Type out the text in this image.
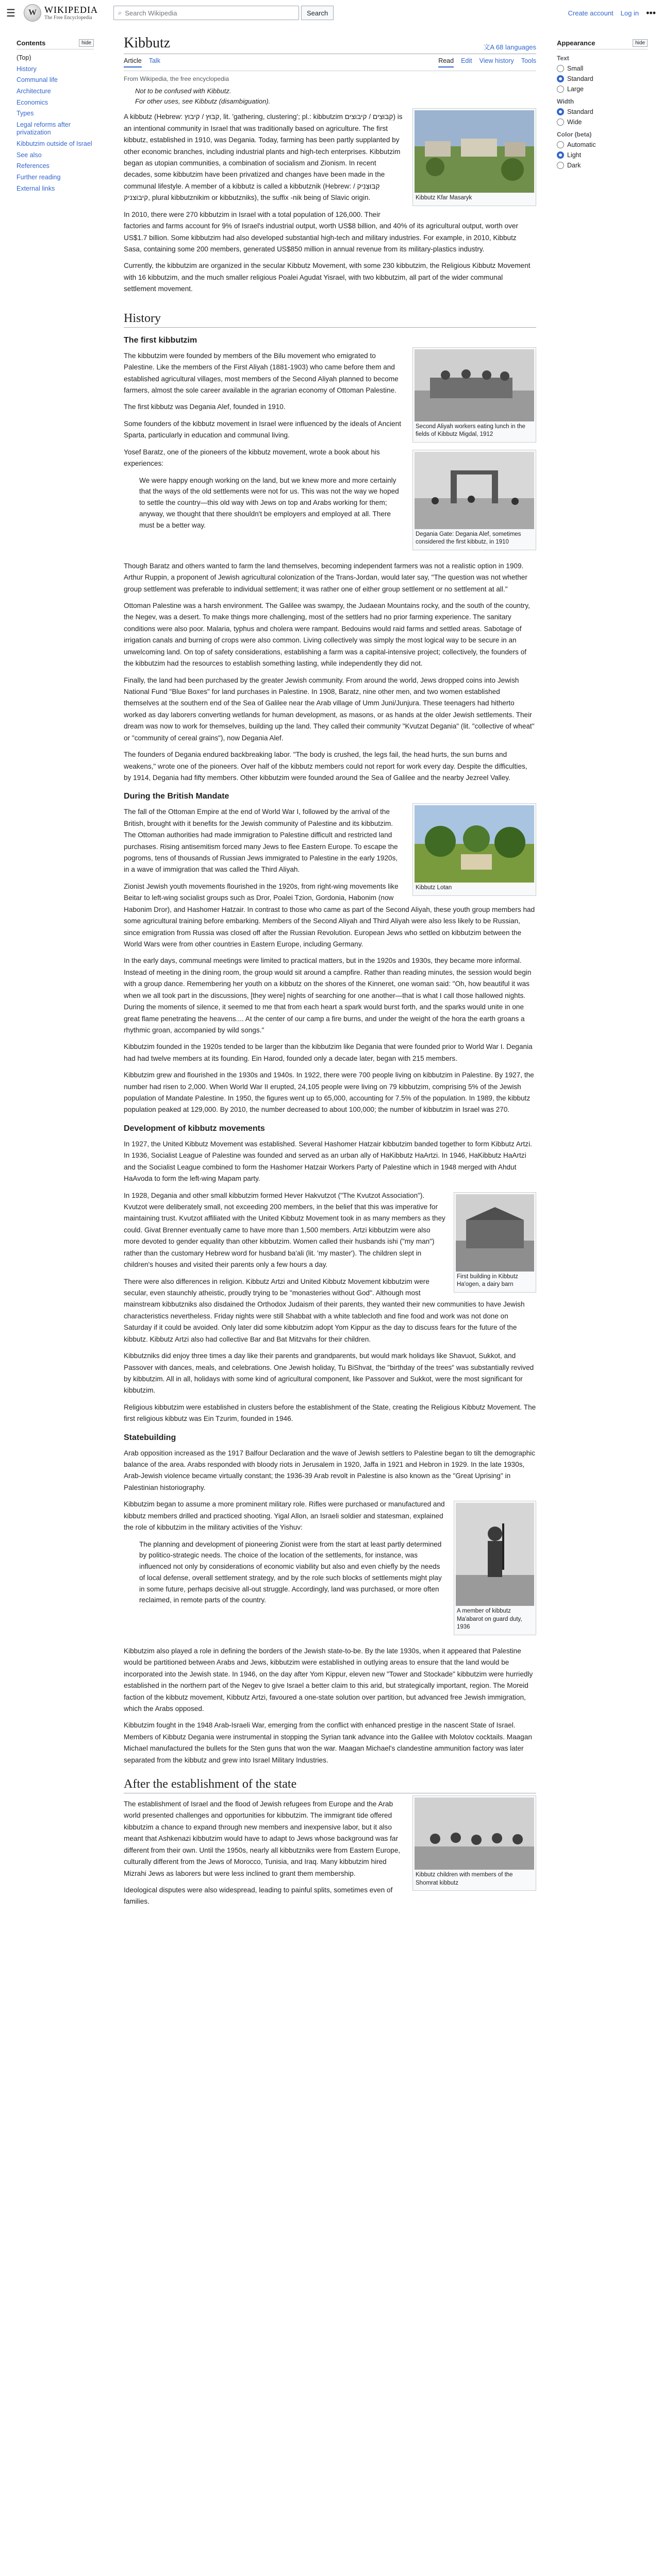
☰	W WIKIPEDIA
The Free Encyclopedia
⌕ Search Wikipedia	Search	Create account Log in •••
Contents	hide
(Top)
History
Communal life
Architecture
Economics
Types
Legal reforms after privatization
Kibbutzim outside of Israel
See also
References
Further reading
External links
Kibbutz	文A 68 languages
Article Talk	Read Edit View history Tools
From Wikipedia, the free encyclopedia
Not to be confused with Kibbutz.
For other uses, see Kibbutz (disambiguation).
Kibbutz Kfar Masaryk

A kibbutz (Hebrew: קִבּוּץ / קיבוץ, lit. 'gathering, clustering'; pl.: kibbutzim קִבּוּצִים / קיבוצים) is an intentional community in Israel that was traditionally based on agriculture. The first kibbutz, established in 1910, was Degania. Today, farming has been partly supplanted by other economic branches, including industrial plants and high-tech enterprises. Kibbutzim began as utopian communities, a combination of socialism and Zionism. In recent decades, some kibbutzim have been privatized and changes have been made in the communal lifestyle. A member of a kibbutz is called a kibbutznik (Hebrew: קִבּוּצְנִיק / קיבוצניק, plural kibbutznikim or kibbutzniks), the suffix -nik being of Slavic origin.

In 2010, there were 270 kibbutzim in Israel with a total population of 126,000. Their factories and farms account for 9% of Israel's industrial output, worth US$8 billion, and 40% of its agricultural output, worth over US$1.7 billion. Some kibbutzim had also developed substantial high-tech and military industries. For example, in 2010, Kibbutz Sasa, containing some 200 members, generated US$850 million in annual revenue from its military-plastics industry.

Currently, the kibbutzim are organized in the secular Kibbutz Movement, with some 230 kibbutzim, the Religious Kibbutz Movement with 16 kibbutzim, and the much smaller religious Poalei Agudat Yisrael, with two kibbutzim, all part of the wider communal settlement movement.

History
The first kibbutzim
Second Aliyah workers eating lunch in the fields of Kibbutz Migdal, 1912

The kibbutzim were founded by members of the Bilu movement who emigrated to Palestine. Like the members of the First Aliyah (1881-1903) who came before them and established agricultural villages, most members of the Second Aliyah planned to become farmers, almost the sole career available in the agrarian economy of Ottoman Palestine.

The first kibbutz was Degania Alef, founded in 1910.

Degania Gate: Degania Alef, sometimes considered the first kibbutz, in 1910

Some founders of the kibbutz movement in Israel were influenced by the ideals of Ancient Sparta, particularly in education and communal living.

Yosef Baratz, one of the pioneers of the kibbutz movement, wrote a book about his experiences:

We were happy enough working on the land, but we knew more and more certainly that the ways of the old settlements were not for us. This was not the way we hoped to settle the country—this old way with Jews on top and Arabs working for them; anyway, we thought that there shouldn't be employers and employed at all. There must be a better way.

Though Baratz and others wanted to farm the land themselves, becoming independent farmers was not a realistic option in 1909. Arthur Ruppin, a proponent of Jewish agricultural colonization of the Trans-Jordan, would later say, "The question was not whether group settlement was preferable to individual settlement; it was rather one of either group settlement or no settlement at all."

Ottoman Palestine was a harsh environment. The Galilee was swampy, the Judaean Mountains rocky, and the south of the country, the Negev, was a desert. To make things more challenging, most of the settlers had no prior farming experience. The sanitary conditions were also poor. Malaria, typhus and cholera were rampant. Bedouins would raid farms and settled areas. Sabotage of irrigation canals and burning of crops were also common. Living collectively was simply the most logical way to be secure in an unwelcoming land. On top of safety considerations, establishing a farm was a capital-intensive project; collectively, the founders of the kibbutzim had the resources to establish something lasting, while independently they did not.

Finally, the land had been purchased by the greater Jewish community. From around the world, Jews dropped coins into Jewish National Fund "Blue Boxes" for land purchases in Palestine. In 1908, Baratz, nine other men, and two women established themselves at the southern end of the Sea of Galilee near the Arab village of Umm Juni/Junjura. These teenagers had hitherto worked as day laborers converting wetlands for human development, as masons, or as hands at the older Jewish settlements. Their dream was now to work for themselves, building up the land. They called their community "Kvutzat Degania" (lit. "collective of wheat" or "community of cereal grains"), now Degania Alef.

The founders of Degania endured backbreaking labor. "The body is crushed, the legs fail, the head hurts, the sun burns and weakens," wrote one of the pioneers. Over half of the kibbutz members could not report for work every day. Despite the difficulties, by 1914, Degania had fifty members. Other kibbutzim were founded around the Sea of Galilee and the nearby Jezreel Valley.

During the British Mandate
Kibbutz Lotan

The fall of the Ottoman Empire at the end of World War I, followed by the arrival of the British, brought with it benefits for the Jewish community of Palestine and its kibbutzim. The Ottoman authorities had made immigration to Palestine difficult and restricted land purchases. Rising antisemitism forced many Jews to flee Eastern Europe. To escape the pogroms, tens of thousands of Russian Jews immigrated to Palestine in the early 1920s, in a wave of immigration that was called the Third Aliyah.

Zionist Jewish youth movements flourished in the 1920s, from right-wing movements like Beitar to left-wing socialist groups such as Dror, Poalei Tzion, Gordonia, Habonim (now Habonim Dror), and Hashomer Hatzair. In contrast to those who came as part of the Second Aliyah, these youth group members had some agricultural training before embarking. Members of the Second Aliyah and Third Aliyah were also less likely to be Russian, since emigration from Russia was closed off after the Russian Revolution. European Jews who settled on kibbutzim between the World Wars were from other countries in Eastern Europe, including Germany.

In the early days, communal meetings were limited to practical matters, but in the 1920s and 1930s, they became more informal. Instead of meeting in the dining room, the group would sit around a campfire. Rather than reading minutes, the session would begin with a group dance. Remembering her youth on a kibbutz on the shores of the Kinneret, one woman said: "Oh, how beautiful it was when we all took part in the discussions, [they were] nights of searching for one another—that is what I call those hallowed nights. During the moments of silence, it seemed to me that from each heart a spark would burst forth, and the sparks would unite in one great flame penetrating the heavens.... At the center of our camp a fire burns, and under the weight of the hora the earth groans a rhythmic groan, accompanied by wild songs."

Kibbutzim founded in the 1920s tended to be larger than the kibbutzim like Degania that were founded prior to World War I. Degania had had twelve members at its founding. Ein Harod, founded only a decade later, began with 215 members.

Kibbutzim grew and flourished in the 1930s and 1940s. In 1922, there were 700 people living on kibbutzim in Palestine. By 1927, the number had risen to 2,000. When World War II erupted, 24,105 people were living on 79 kibbutzim, comprising 5% of the Jewish population of Mandate Palestine. In 1950, the figures went up to 65,000, accounting for 7.5% of the population. In 1989, the kibbutz population peaked at 129,000. By 2010, the number decreased to about 100,000; the number of kibbutzim in Israel was 270.

Development of kibbutz movements

In 1927, the United Kibbutz Movement was established. Several Hashomer Hatzair kibbutzim banded together to form Kibbutz Artzi. In 1936, Socialist League of Palestine was founded and served as an urban ally of HaKibbutz HaArtzi. In 1946, HaKibbutz HaArtzi and the Socialist League combined to form the Hashomer Hatzair Workers Party of Palestine which in 1948 merged with Ahdut HaAvoda to form the left-wing Mapam party.

First building in Kibbutz Ha'ogen, a dairy barn

In 1928, Degania and other small kibbutzim formed Hever Hakvutzot ("The Kvutzot Association"). Kvutzot were deliberately small, not exceeding 200 members, in the belief that this was imperative for maintaining trust. Kvutzot affiliated with the United Kibbutz Movement took in as many members as they could. Givat Brenner eventually came to have more than 1,500 members. Artzi kibbutzim were also more devoted to gender equality than other kibbutzim. Women called their husbands ishi ("my man") rather than the customary Hebrew word for husband ba'ali (lit. 'my master'). The children slept in children's houses and visited their parents only a few hours a day.

There were also differences in religion. Kibbutz Artzi and United Kibbutz Movement kibbutzim were secular, even staunchly atheistic, proudly trying to be "monasteries without God". Although most mainstream kibbutzniks also disdained the Orthodox Judaism of their parents, they wanted their new communities to have Jewish characteristics nevertheless. Friday nights were still Shabbat with a white tablecloth and fine food and work was not done on Saturday if it could be avoided. Only later did some kibbutzim adopt Yom Kippur as the day to discuss fears for the future of the kibbutz. Kibbutz Artzi also had collective Bar and Bat Mitzvahs for their children.

Kibbutzniks did enjoy three times a day like their parents and grandparents, but would mark holidays like Shavuot, Sukkot, and Passover with dances, meals, and celebrations. One Jewish holiday, Tu BiShvat, the "birthday of the trees" was substantially revived by kibbutzim. All in all, holidays with some kind of agricultural component, like Passover and Sukkot, were the most significant for kibbutzim.

Religious kibbutzim were established in clusters before the establishment of the State, creating the Religious Kibbutz Movement. The first religious kibbutz was Ein Tzurim, founded in 1946.

Statebuilding

Arab opposition increased as the 1917 Balfour Declaration and the wave of Jewish settlers to Palestine began to tilt the demographic balance of the area. Arabs responded with bloody riots in Jerusalem in 1920, Jaffa in 1921 and Hebron in 1929. In the late 1930s, Arab-Jewish violence became virtually constant; the 1936-39 Arab revolt in Palestine is also known as the "Great Uprising" in Palestinian historiography.

A member of kibbutz Ma'abarot on guard duty, 1936

Kibbutzim began to assume a more prominent military role. Rifles were purchased or manufactured and kibbutz members drilled and practiced shooting. Yigal Allon, an Israeli soldier and statesman, explained the role of kibbutzim in the military activities of the Yishuv:

The planning and development of pioneering Zionist were from the start at least partly determined by politico-strategic needs. The choice of the location of the settlements, for instance, was influenced not only by considerations of economic viability but also and even chiefly by the needs of local defense, overall settlement strategy, and by the role such blocks of settlements might play in some future, perhaps decisive all-out struggle. Accordingly, land was purchased, or more often reclaimed, in remote parts of the country.

Kibbutzim also played a role in defining the borders of the Jewish state-to-be. By the late 1930s, when it appeared that Palestine would be partitioned between Arabs and Jews, kibbutzim were established in outlying areas to ensure that the land would be incorporated into the Jewish state. In 1946, on the day after Yom Kippur, eleven new "Tower and Stockade" kibbutzim were hurriedly established in the northern part of the Negev to give Israel a better claim to this arid, but strategically important, region. The Moreid faction of the kibbutz movement, Kibbutz Artzi, favoured a one-state solution over partition, but advanced free Jewish immigration, which the Arabs opposed.

Kibbutzim fought in the 1948 Arab-Israeli War, emerging from the conflict with enhanced prestige in the nascent State of Israel. Members of Kibbutz Degania were instrumental in stopping the Syrian tank advance into the Galilee with Molotov cocktails. Maagan Michael manufactured the bullets for the Sten guns that won the war. Maagan Michael's clandestine ammunition factory was later separated from the kibbutz and grew into Israel Military Industries.

After the establishment of the state
Kibbutz children with members of the Shomrat kibbutz

The establishment of Israel and the flood of Jewish refugees from Europe and the Arab world presented challenges and opportunities for kibbutzim. The immigrant tide offered kibbutzim a chance to expand through new members and inexpensive labor, but it also meant that Ashkenazi kibbutzim would have to adapt to Jews whose background was far different from their own. Until the 1950s, nearly all kibbutzniks were from Eastern Europe, culturally different from the Jews of Morocco, Tunisia, and Iraq. Many kibbutzim hired Mizrahi Jews as laborers but were less inclined to grant them membership.

Ideological disputes were also widespread, leading to painful splits, sometimes even of families.

Appearance	hide
Text
Small
Standard
Large
Width
Standard
Wide
Color (beta)
Automatic
Light
Dark
